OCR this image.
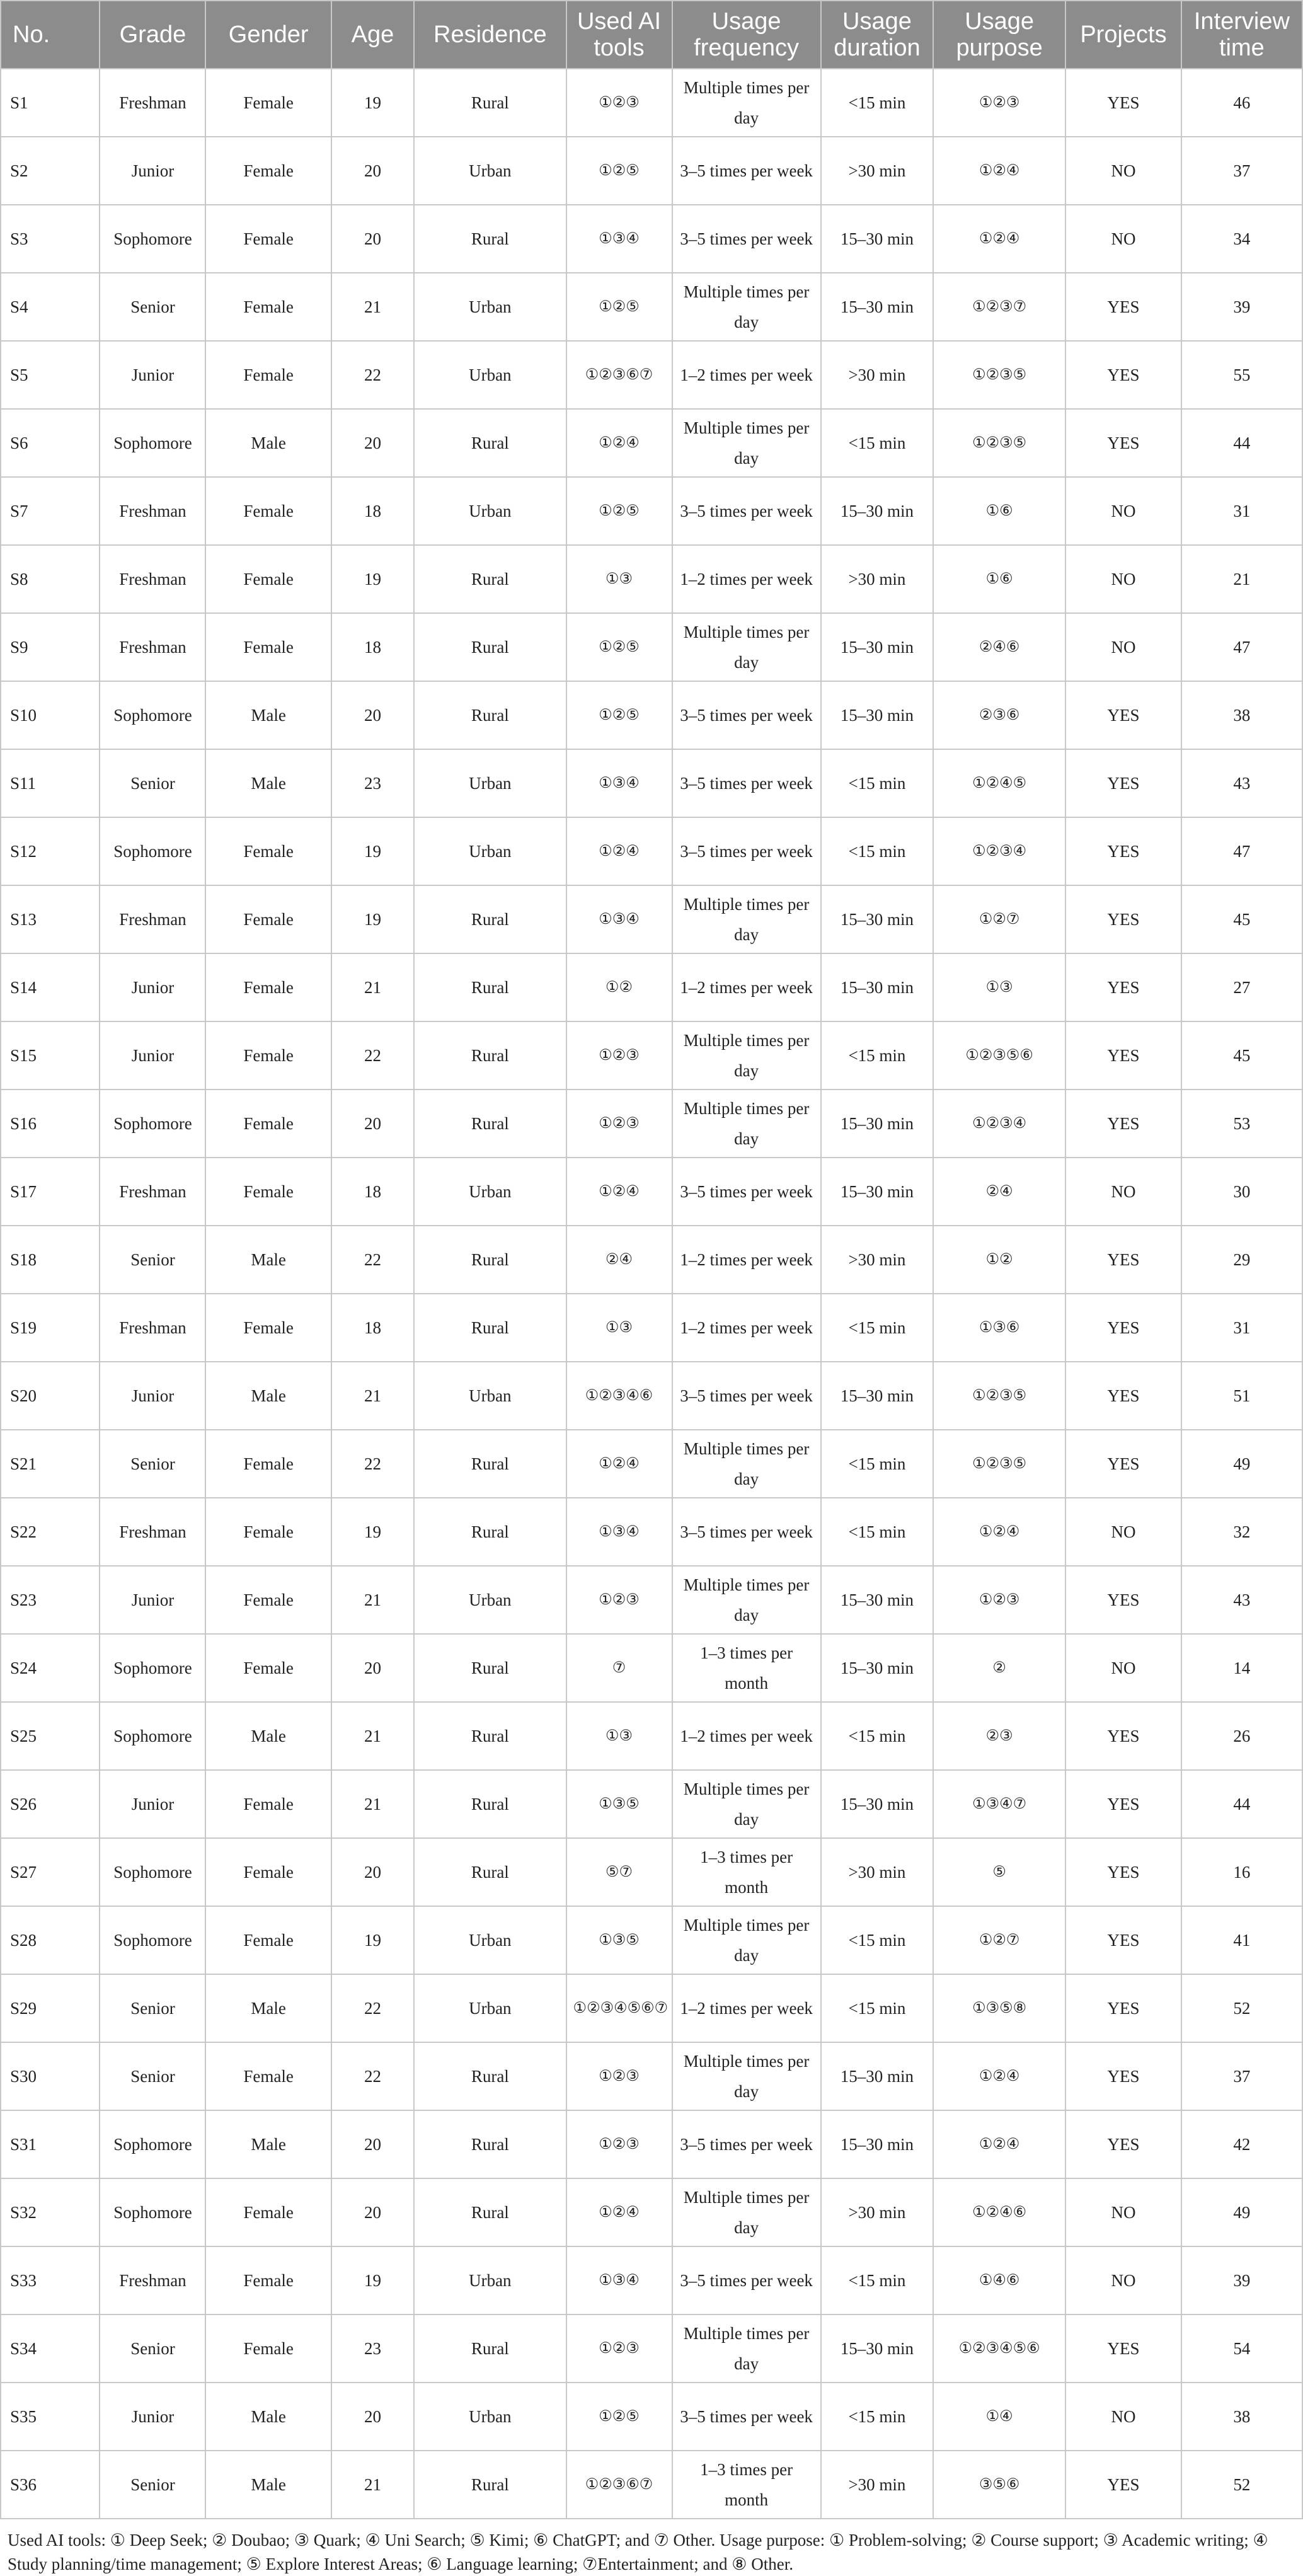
No.	Grade	Gender	Age	Residence	Used AI tools	Usage frequency	Usage duration	Usage purpose	Projects	Interview time
S1	Freshman	Female	19	Rural	①②③	Multiple times per day	<15 min	①②③	YES	46
S2	Junior	Female	20	Urban	①②⑤	3–5 times per week	>30 min	①②④	NO	37
S3	Sophomore	Female	20	Rural	①③④	3–5 times per week	15–30 min	①②④	NO	34
S4	Senior	Female	21	Urban	①②⑤	Multiple times per day	15–30 min	①②③⑦	YES	39
S5	Junior	Female	22	Urban	①②③⑥⑦	1–2 times per week	>30 min	①②③⑤	YES	55
S6	Sophomore	Male	20	Rural	①②④	Multiple times per day	<15 min	①②③⑤	YES	44
S7	Freshman	Female	18	Urban	①②⑤	3–5 times per week	15–30 min	①⑥	NO	31
S8	Freshman	Female	19	Rural	①③	1–2 times per week	>30 min	①⑥	NO	21
S9	Freshman	Female	18	Rural	①②⑤	Multiple times per day	15–30 min	②④⑥	NO	47
S10	Sophomore	Male	20	Rural	①②⑤	3–5 times per week	15–30 min	②③⑥	YES	38
S11	Senior	Male	23	Urban	①③④	3–5 times per week	<15 min	①②④⑤	YES	43
S12	Sophomore	Female	19	Urban	①②④	3–5 times per week	<15 min	①②③④	YES	47
S13	Freshman	Female	19	Rural	①③④	Multiple times per day	15–30 min	①②⑦	YES	45
S14	Junior	Female	21	Rural	①②	1–2 times per week	15–30 min	①③	YES	27
S15	Junior	Female	22	Rural	①②③	Multiple times per day	<15 min	①②③⑤⑥	YES	45
S16	Sophomore	Female	20	Rural	①②③	Multiple times per day	15–30 min	①②③④	YES	53
S17	Freshman	Female	18	Urban	①②④	3–5 times per week	15–30 min	②④	NO	30
S18	Senior	Male	22	Rural	②④	1–2 times per week	>30 min	①②	YES	29
S19	Freshman	Female	18	Rural	①③	1–2 times per week	<15 min	①③⑥	YES	31
S20	Junior	Male	21	Urban	①②③④⑥	3–5 times per week	15–30 min	①②③⑤	YES	51
S21	Senior	Female	22	Rural	①②④	Multiple times per day	<15 min	①②③⑤	YES	49
S22	Freshman	Female	19	Rural	①③④	3–5 times per week	<15 min	①②④	NO	32
S23	Junior	Female	21	Urban	①②③	Multiple times per day	15–30 min	①②③	YES	43
S24	Sophomore	Female	20	Rural	⑦	1–3 times per month	15–30 min	②	NO	14
S25	Sophomore	Male	21	Rural	①③	1–2 times per week	<15 min	②③	YES	26
S26	Junior	Female	21	Rural	①③⑤	Multiple times per day	15–30 min	①③④⑦	YES	44
S27	Sophomore	Female	20	Rural	⑤⑦	1–3 times per month	>30 min	⑤	YES	16
S28	Sophomore	Female	19	Urban	①③⑤	Multiple times per day	<15 min	①②⑦	YES	41
S29	Senior	Male	22	Urban	①②③④⑤⑥⑦	1–2 times per week	<15 min	①③⑤⑧	YES	52
S30	Senior	Female	22	Rural	①②③	Multiple times per day	15–30 min	①②④	YES	37
S31	Sophomore	Male	20	Rural	①②③	3–5 times per week	15–30 min	①②④	YES	42
S32	Sophomore	Female	20	Rural	①②④	Multiple times per day	>30 min	①②④⑥	NO	49
S33	Freshman	Female	19	Urban	①③④	3–5 times per week	<15 min	①④⑥	NO	39
S34	Senior	Female	23	Rural	①②③	Multiple times per day	15–30 min	①②③④⑤⑥	YES	54
S35	Junior	Male	20	Urban	①②⑤	3–5 times per week	<15 min	①④	NO	38
S36	Senior	Male	21	Rural	①②③⑥⑦	1–3 times per month	>30 min	③⑤⑥	YES	52
Used AI tools: ① Deep Seek; ② Doubao; ③ Quark; ④ Uni Search; ⑤ Kimi; ⑥ ChatGPT; and ⑦ Other. Usage purpose: ① Problem-solving; ② Course support; ③ Academic writing; ④ Study planning/time management; ⑤ Explore Interest Areas; ⑥ Language learning; ⑦Entertainment; and ⑧ Other.
